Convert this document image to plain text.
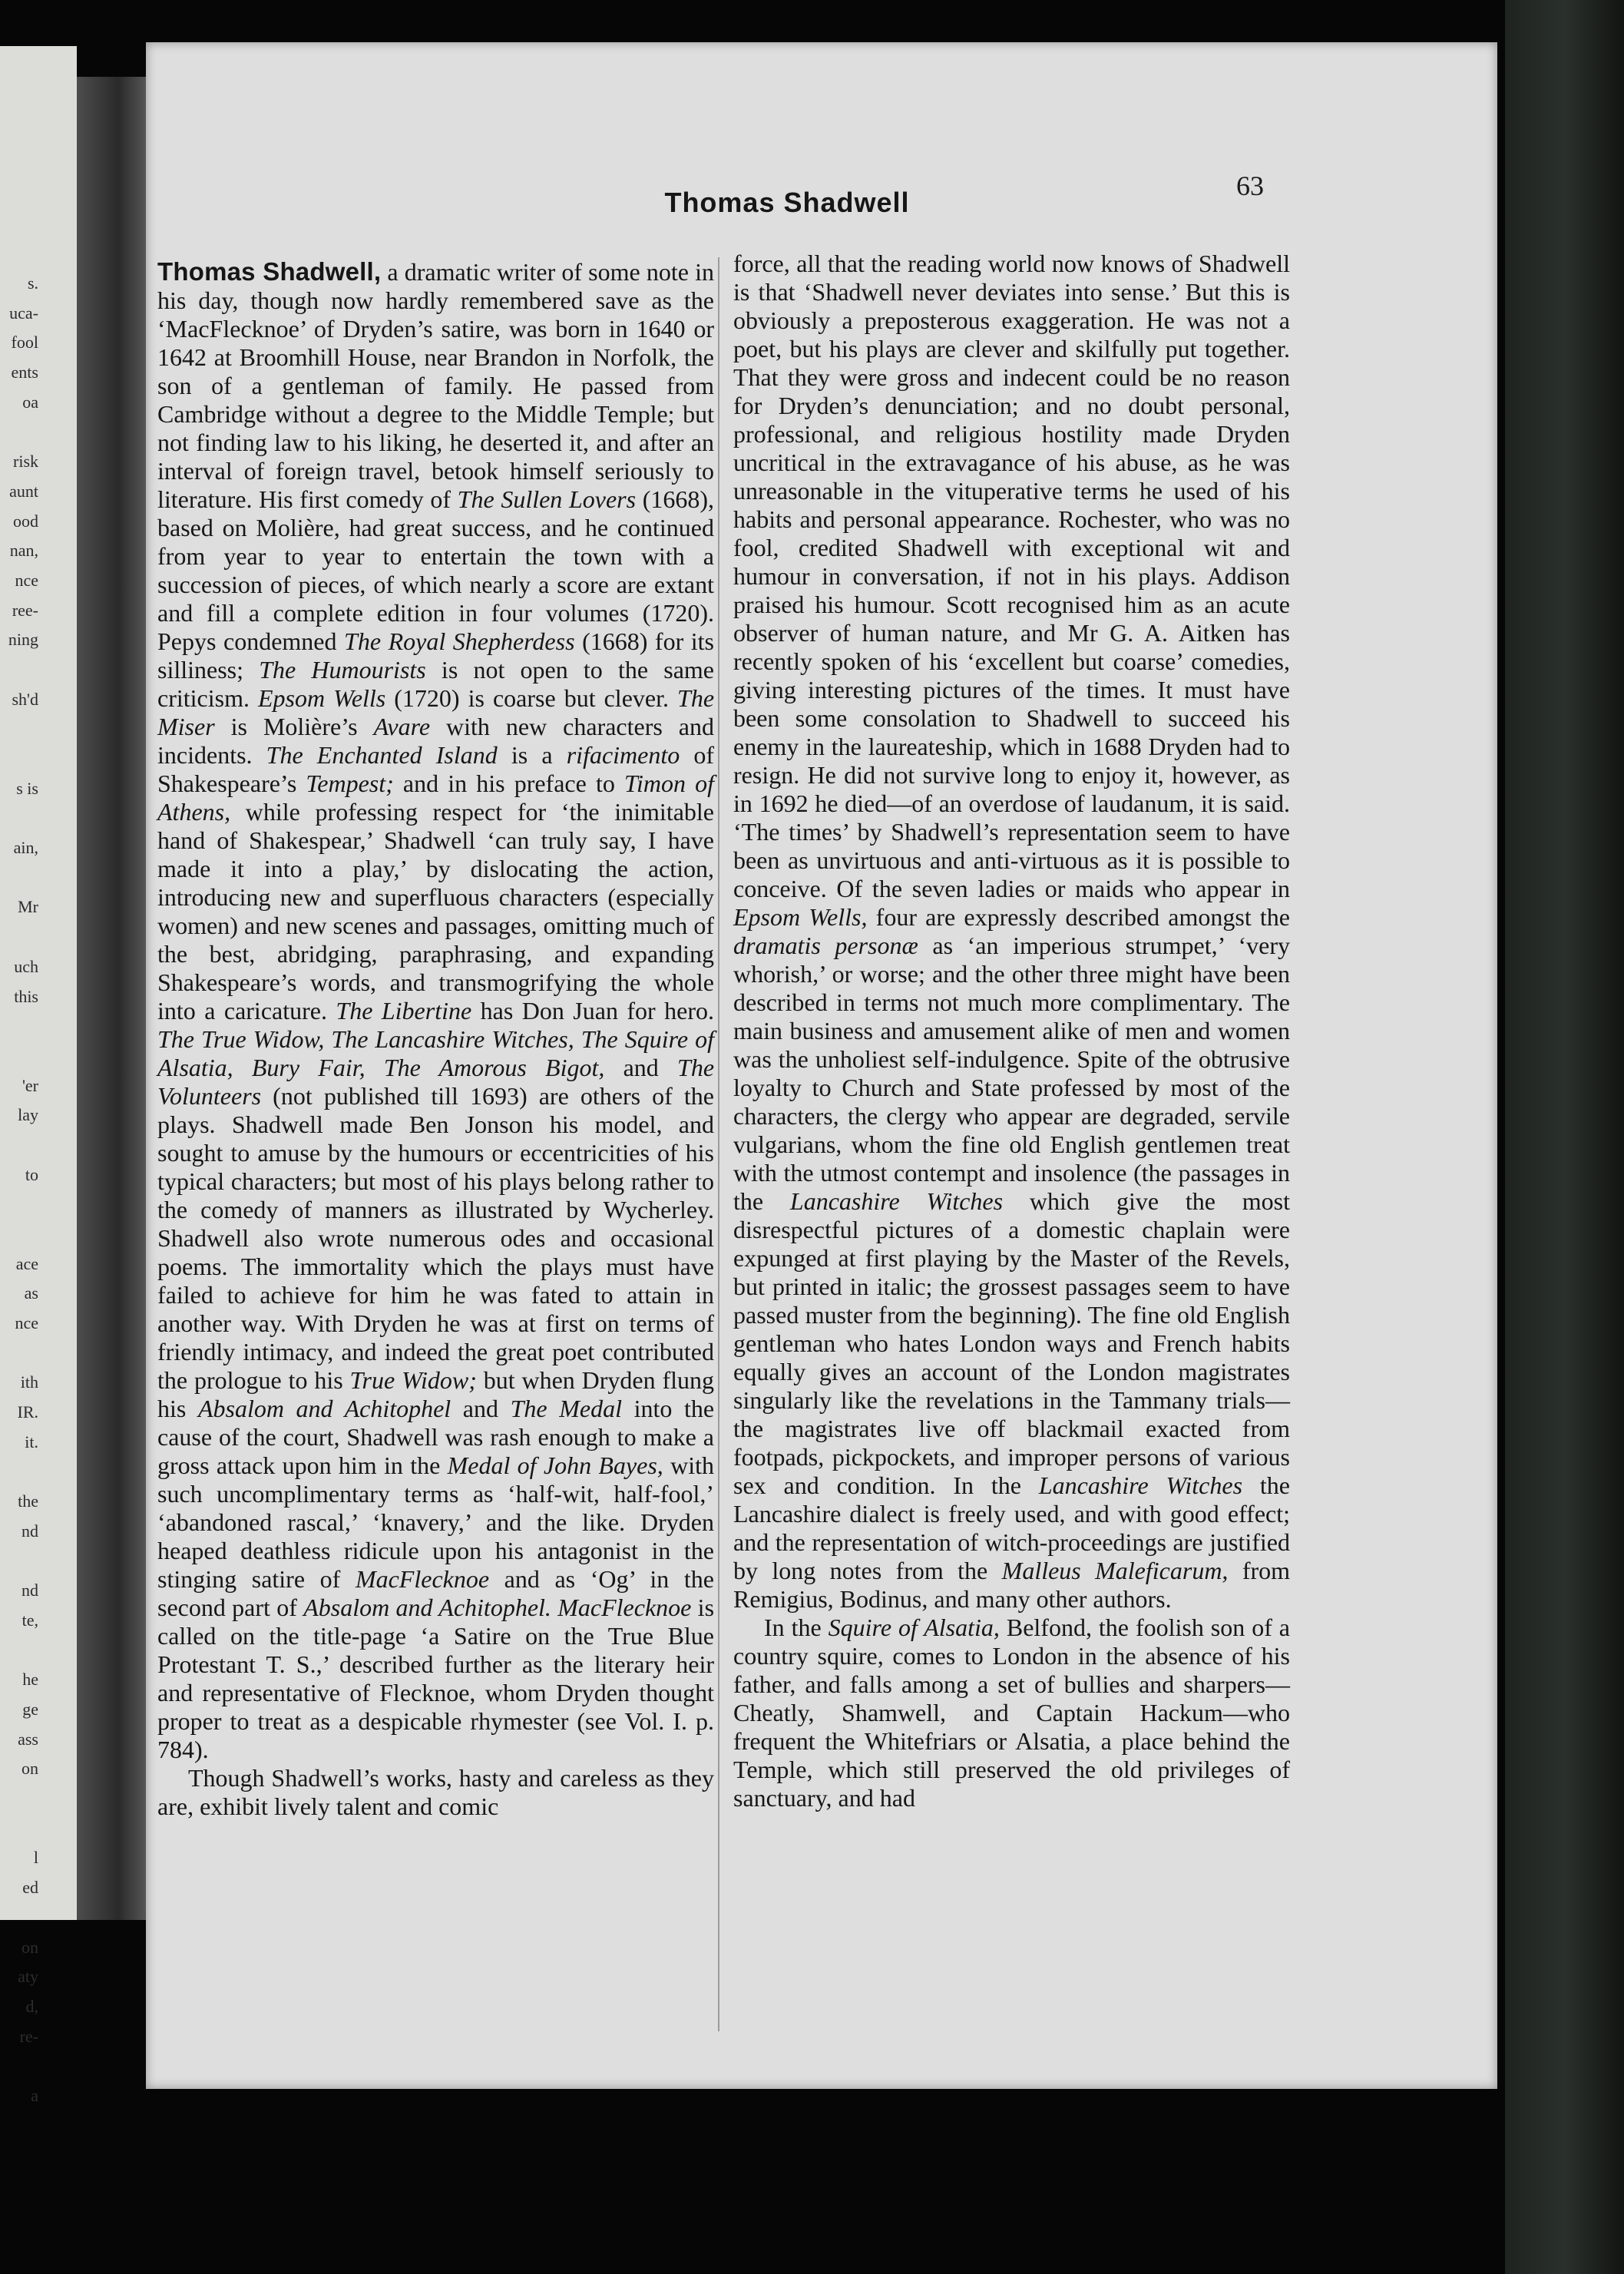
s.
uca-
fool
ents
oa
risk
aunt
ood
nan,
nce
ree-
ning
sh'd
s is
ain,
Mr
uch
this
'er
lay
to
ace
as
nce
ith
IR.
it.
the
nd
nd
te,
he
ge
ass
on
l
ed
on
aty
d,
re-
a
Thomas Shadwell
63

Thomas Shadwell, a dramatic writer of some note in his day, though now hardly remembered save as the ‘MacFlecknoe’ of Dryden’s satire, was born in 1640 or 1642 at Broomhill House, near Brandon in Norfolk, the son of a gentleman of family. He passed from Cambridge without a degree to the Middle Temple; but not finding law to his liking, he deserted it, and after an interval of foreign travel, betook himself seriously to literature. His first comedy of The Sullen Lovers (1668), based on Molière, had great success, and he continued from year to year to entertain the town with a succession of pieces, of which nearly a score are extant and fill a complete edition in four volumes (1720). Pepys condemned The Royal Shepherdess (1668) for its silliness; The Humourists is not open to the same criticism. Epsom Wells (1720) is coarse but clever. The Miser is Molière’s Avare with new characters and incidents. The Enchanted Island is a rifacimento of Shakespeare’s Tempest; and in his preface to Timon of Athens, while professing respect for ‘the inimitable hand of Shakespear,’ Shadwell ‘can truly say, I have made it into a play,’ by dislocating the action, introducing new and superfluous characters (especially women) and new scenes and passages, omitting much of the best, abridging, paraphrasing, and expanding Shakespeare’s words, and transmogrifying the whole into a caricature. The Libertine has Don Juan for hero. The True Widow, The Lancashire Witches, The Squire of Alsatia, Bury Fair, The Amorous Bigot, and The Volunteers (not published till 1693) are others of the plays. Shadwell made Ben Jonson his model, and sought to amuse by the humours or eccentricities of his typical characters; but most of his plays belong rather to the comedy of manners as illustrated by Wycherley. Shadwell also wrote numerous odes and occasional poems. The immortality which the plays must have failed to achieve for him he was fated to attain in another way. With Dryden he was at first on terms of friendly intimacy, and indeed the great poet contributed the prologue to his True Widow; but when Dryden flung his Absalom and Achitophel and The Medal into the cause of the court, Shadwell was rash enough to make a gross attack upon him in the Medal of John Bayes, with such uncomplimentary terms as ‘half-wit, half-fool,’ ‘abandoned rascal,’ ‘knavery,’ and the like. Dryden heaped deathless ridicule upon his antagonist in the stinging satire of MacFlecknoe and as ‘Og’ in the second part of Absalom and Achitophel. MacFlecknoe is called on the title-page ‘a Satire on the True Blue Protestant T. S.,’ described further as the literary heir and representative of Flecknoe, whom Dryden thought proper to treat as a despicable rhymester (see Vol. I. p. 784).

Though Shadwell’s works, hasty and careless as they are, exhibit lively talent and comic

force, all that the reading world now knows of Shadwell is that ‘Shadwell never deviates into sense.’ But this is obviously a preposterous exaggeration. He was not a poet, but his plays are clever and skilfully put together. That they were gross and indecent could be no reason for Dryden’s denunciation; and no doubt personal, professional, and religious hostility made Dryden uncritical in the extravagance of his abuse, as he was unreasonable in the vituperative terms he used of his habits and personal appearance. Rochester, who was no fool, credited Shadwell with exceptional wit and humour in conversation, if not in his plays. Addison praised his humour. Scott recognised him as an acute observer of human nature, and Mr G. A. Aitken has recently spoken of his ‘excellent but coarse’ comedies, giving interesting pictures of the times. It must have been some consolation to Shadwell to succeed his enemy in the laureateship, which in 1688 Dryden had to resign. He did not survive long to enjoy it, however, as in 1692 he died—of an overdose of laudanum, it is said. ‘The times’ by Shadwell’s representation seem to have been as unvirtuous and anti-virtuous as it is possible to conceive. Of the seven ladies or maids who appear in Epsom Wells, four are expressly described amongst the dramatis personæ as ‘an imperious strumpet,’ ‘very whorish,’ or worse; and the other three might have been described in terms not much more complimentary. The main business and amusement alike of men and women was the unholiest self-indulgence. Spite of the obtrusive loyalty to Church and State professed by most of the characters, the clergy who appear are degraded, servile vulgarians, whom the fine old English gentlemen treat with the utmost contempt and insolence (the passages in the Lancashire Witches which give the most disrespectful pictures of a domestic chaplain were expunged at first playing by the Master of the Revels, but printed in italic; the grossest passages seem to have passed muster from the beginning). The fine old English gentleman who hates London ways and French habits equally gives an account of the London magistrates singularly like the revelations in the Tammany trials—the magistrates live off blackmail exacted from footpads, pickpockets, and improper persons of various sex and condition. In the Lancashire Witches the Lancashire dialect is freely used, and with good effect; and the representation of witch-proceedings are justified by long notes from the Malleus Maleficarum, from Remigius, Bodinus, and many other authors.

In the Squire of Alsatia, Belfond, the foolish son of a country squire, comes to London in the absence of his father, and falls among a set of bullies and sharpers—Cheatly, Shamwell, and Captain Hackum—who frequent the Whitefriars or Alsatia, a place behind the Temple, which still preserved the old privileges of sanctuary, and had
